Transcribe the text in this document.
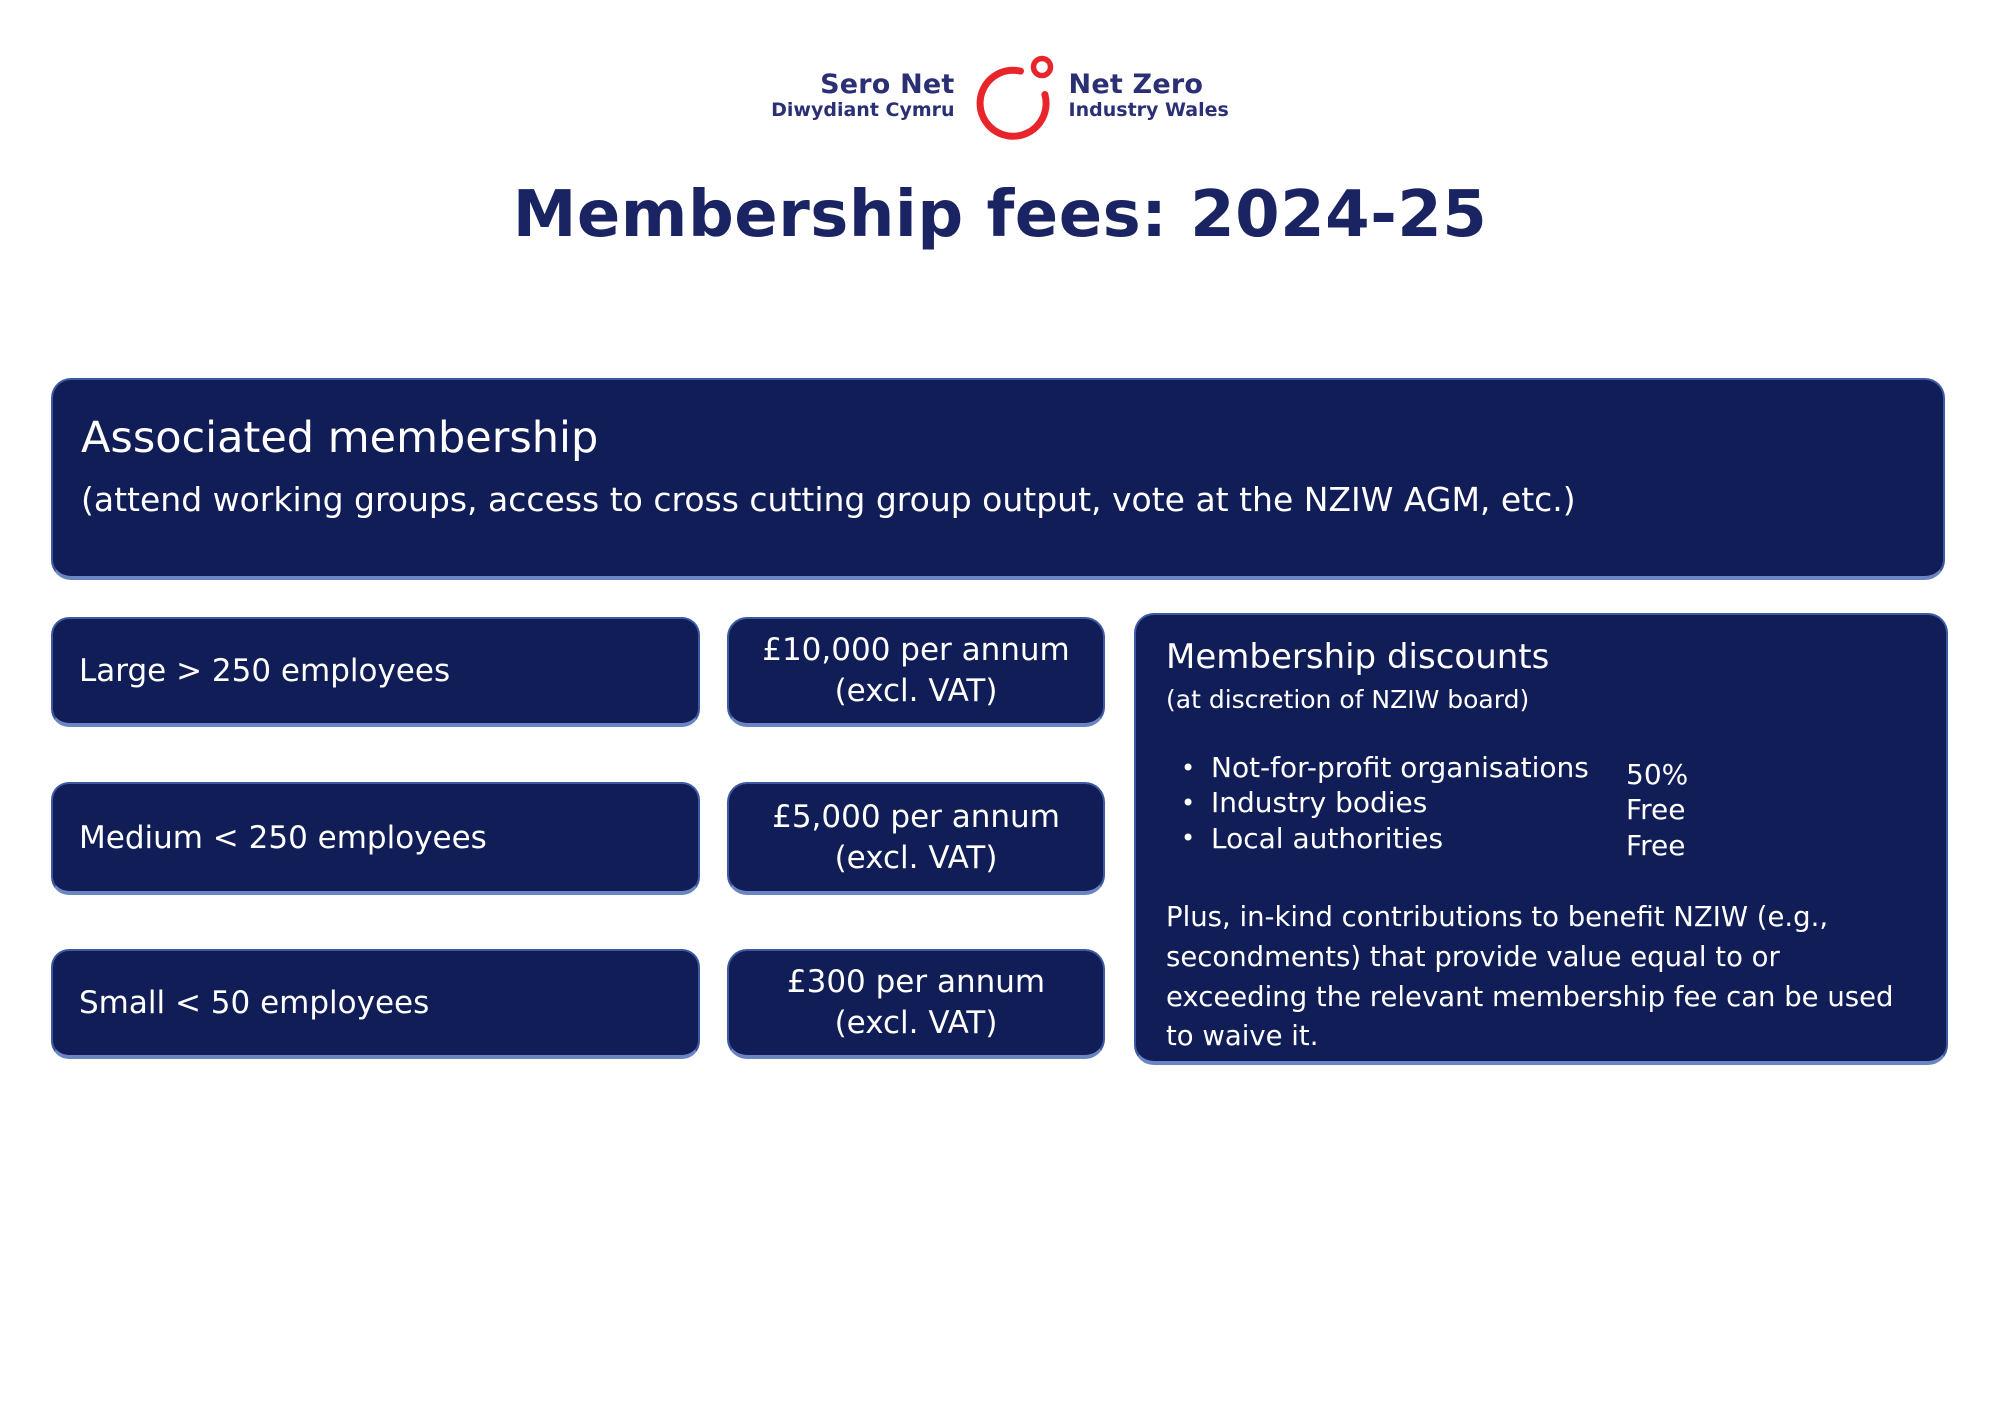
Sero Net
Diwydiant Cymru
Net Zero
Industry Wales
Membership fees: 2024-25
Associated membership
(attend working groups, access to cross cutting group output, vote at the NZIW AGM, etc.)
Large > 250 employees
£10,000 per annum
(excl. VAT)
Medium < 250 employees
£5,000 per annum
(excl. VAT)
Small < 50 employees
£300 per annum
(excl. VAT)
Membership discounts
(at discretion of NZIW board)
• Not-for-profit organisations	50%
• Industry bodies	Free
• Local authorities	Free
Plus, in-kind contributions to benefit NZIW (e.g., secondments) that provide value equal to or exceeding the relevant membership fee can be used to waive it.
